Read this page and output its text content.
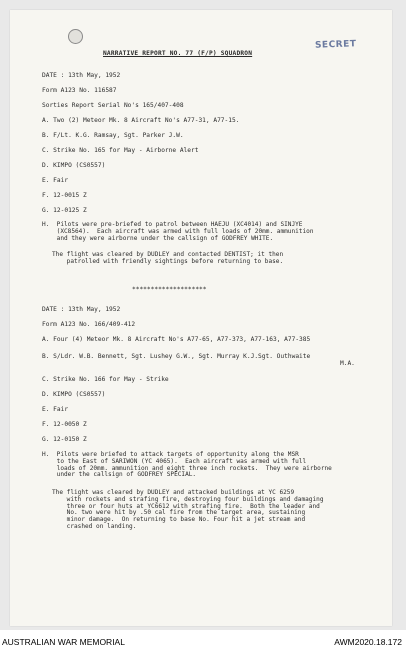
SECRET
NARRATIVE REPORT NO. 77 (F/P) SQUADRON
DATE : 13th May, 1952
Form A123 No. 116587
Sorties Report Serial No's 165/407-408
A. Two (2) Meteor Mk. 8 Aircraft No's A77-31, A77-15.
B. F/Lt. K.G. Ramsay, Sgt. Parker J.W.
C. Strike No. 165 for May - Airborne Alert
D. KIMPO (CS0557)
E. Fair
F. 12-0015 Z
G. 12-0125 Z
H.  Pilots were pre-briefed to patrol between HAEJU (XC4014) and SINJYE
(XC8564).  Each aircraft was armed with full loads of 20mm. ammunition
and they were airborne under the callsign of GODFREY WHITE.
The flight was cleared by DUDLEY and contacted DENTIST; it then
patrolled with friendly sightings before returning to base.
********************
DATE : 13th May, 1952
Form A123 No. 166/409-412
A. Four (4) Meteor Mk. 8 Aircraft No's A77-65, A77-373, A77-163, A77-385
B. S/Ldr. W.B. Bennett, Sgt. Lushey G.W., Sgt. Murray K.J.Sgt. Outhwaite
M.A.
C. Strike No. 166 for May - Strike
D. KIMPO (CS0557)
E. Fair
F. 12-0050 Z
G. 12-0150 Z
H.  Pilots were briefed to attack targets of opportunity along the MSR
to the East of SARIWON (YC 4065).  Each aircraft was armed with full
loads of 20mm. ammunition and eight three inch rockets.  They were airborne
under the callsign of GODFREY SPECIAL.
The flight was cleared by DUDLEY and attacked buildings at YC 6259
with rockets and strafing fire, destroying four buildings and damaging
three or four huts at YC6612 with strafing fire.  Both the leader and
No. two were hit by .50 cal fire from the target area, sustaining
minor damage.  On returning to base No. Four hit a jet stream and
crashed on landing.
AUSTRALIAN WAR MEMORIAL	AWM2020.18.172
